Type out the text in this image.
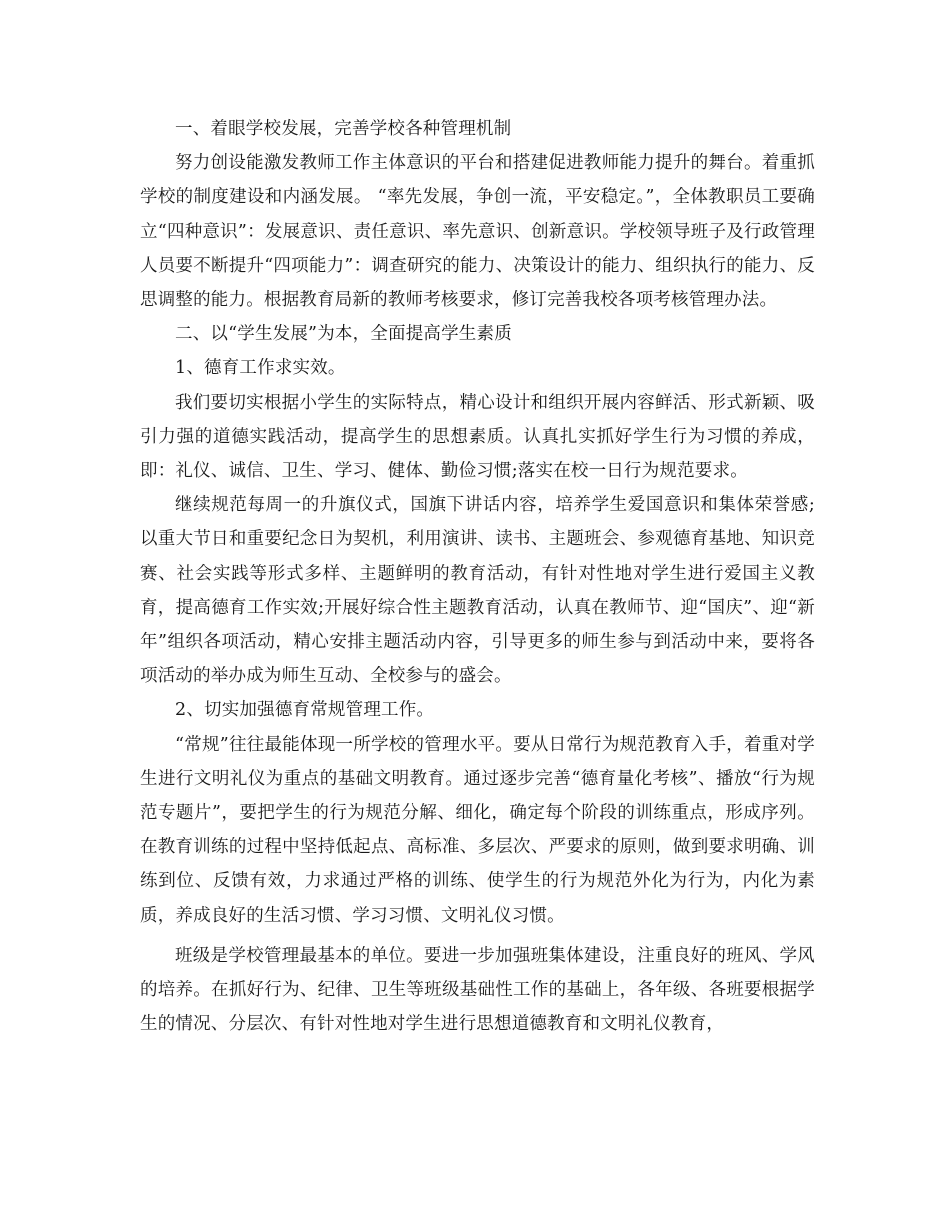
一、着眼学校发展，完善学校各种管理机制

努力创设能激发教师工作主体意识的平台和搭建促进教师能力提升的舞台。着重抓学校的制度建设和内涵发展。 “率先发展，争创一流，平安稳定。”，全体教职员工要确立“四种意识”：发展意识、责任意识、率先意识、创新意识。学校领导班子及行政管理人员要不断提升“四项能力”：调查研究的能力、决策设计的能力、组织执行的能力、反思调整的能力。根据教育局新的教师考核要求，修订完善我校各项考核管理办法。

二、以“学生发展”为本，全面提高学生素质

1、德育工作求实效。

我们要切实根据小学生的实际特点，精心设计和组织开展内容鲜活、形式新颖、吸引力强的道德实践活动，提高学生的思想素质。认真扎实抓好学生行为习惯的养成，即：礼仪、诚信、卫生、学习、健体、勤俭习惯;落实在校一日行为规范要求。

继续规范每周一的升旗仪式，国旗下讲话内容，培养学生爱国意识和集体荣誉感;以重大节日和重要纪念日为契机，利用演讲、读书、主题班会、参观德育基地、知识竞赛、社会实践等形式多样、主题鲜明的教育活动，有针对性地对学生进行爱国主义教育，提高德育工作实效;开展好综合性主题教育活动，认真在教师节、迎“国庆”、迎“新年”组织各项活动，精心安排主题活动内容，引导更多的师生参与到活动中来，要将各项活动的举办成为师生互动、全校参与的盛会。

2、切实加强德育常规管理工作。

“常规”往往最能体现一所学校的管理水平。要从日常行为规范教育入手，着重对学生进行文明礼仪为重点的基础文明教育。通过逐步完善“德育量化考核”、播放“行为规范专题片”，要把学生的行为规范分解、细化，确定每个阶段的训练重点，形成序列。在教育训练的过程中坚持低起点、高标准、多层次、严要求的原则，做到要求明确、训练到位、反馈有效，力求通过严格的训练、使学生的行为规范外化为行为，内化为素质，养成良好的生活习惯、学习习惯、文明礼仪习惯。

班级是学校管理最基本的单位。要进一步加强班集体建设，注重良好的班风、学风的培养。在抓好行为、纪律、卫生等班级基础性工作的基础上，各年级、各班要根据学生的情况、分层次、有针对性地对学生进行思想道德教育和文明礼仪教育，
